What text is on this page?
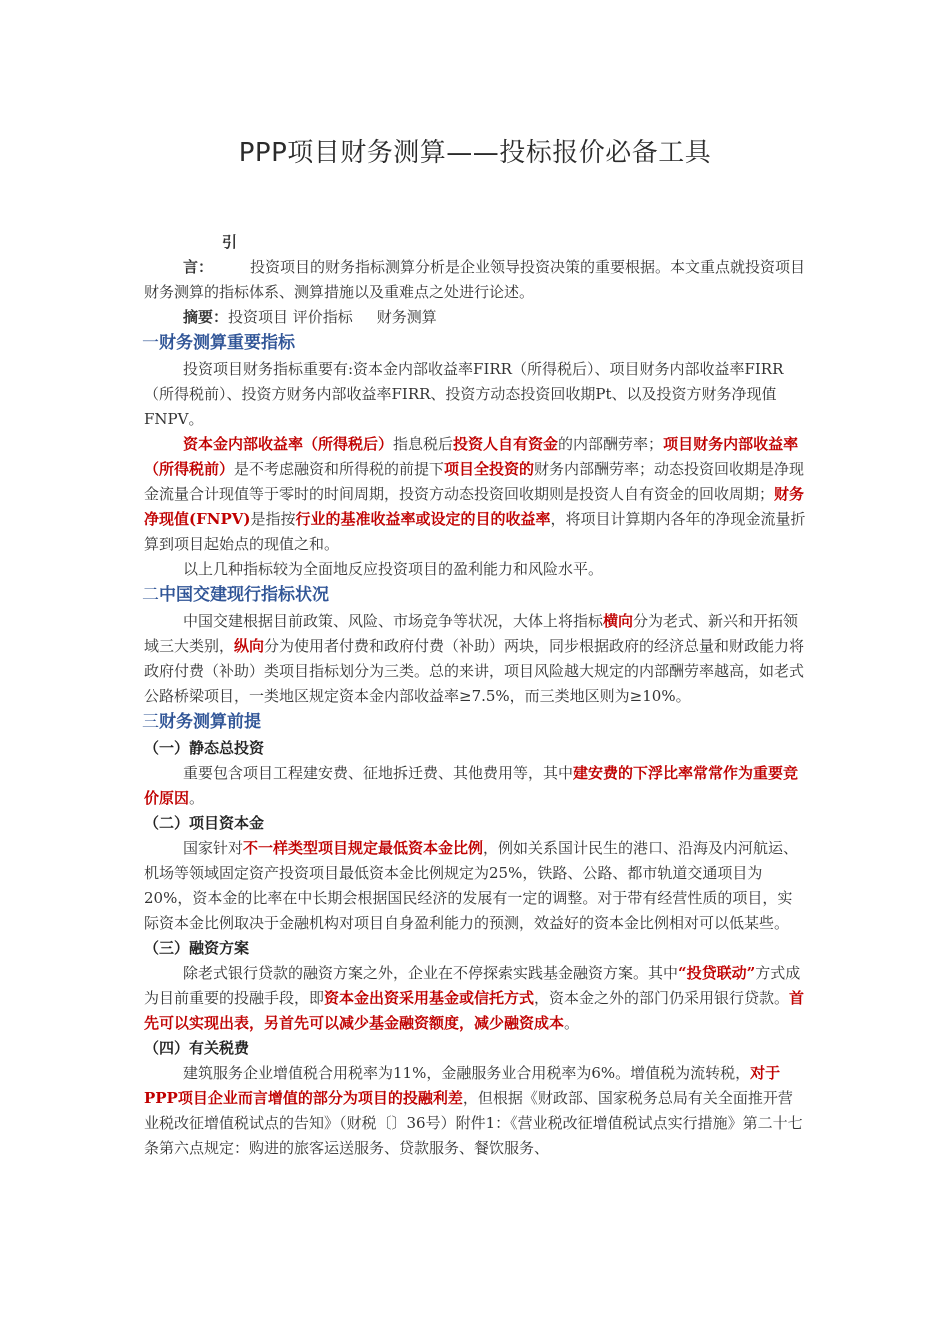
PPP项目财务测算——投标报价必备工具

引言： 投资项目的财务指标测算分析是企业领导投资决策的重要根据。本文重点就投资项目财务测算的指标体系、测算措施以及重难点之处进行论述。

摘要：投资项目 评价指标 财务测算

一财务测算重要指标

投资项目财务指标重要有:资本金内部收益率FIRR（所得税后）、项目财务内部收益率FIRR（所得税前）、投资方财务内部收益率FIRR、投资方动态投资回收期Pt、以及投资方财务净现值FNPV。

资本金内部收益率（所得税后）指息税后投资人自有资金的内部酬劳率；项目财务内部收益率（所得税前）是不考虑融资和所得税的前提下项目全投资的财务内部酬劳率；动态投资回收期是净现金流量合计现值等于零时的时间周期，投资方动态投资回收期则是投资人自有资金的回收周期；财务净现值(FNPV)是指按行业的基准收益率或设定的目的收益率，将项目计算期内各年的净现金流量折算到项目起始点的现值之和。

以上几种指标较为全面地反应投资项目的盈利能力和风险水平。

二中国交建现行指标状况

中国交建根据目前政策、风险、市场竞争等状况，大体上将指标横向分为老式、新兴和开拓领域三大类别，纵向分为使用者付费和政府付费（补助）两块，同步根据政府的经济总量和财政能力将政府付费（补助）类项目指标划分为三类。总的来讲，项目风险越大规定的内部酬劳率越高，如老式公路桥梁项目，一类地区规定资本金内部收益率≥7.5%，而三类地区则为≥10%。

三财务测算前提

（一）静态总投资

重要包含项目工程建安费、征地拆迁费、其他费用等，其中建安费的下浮比率常常作为重要竞价原因。

（二）项目资本金

国家针对不一样类型项目规定最低资本金比例，例如关系国计民生的港口、沿海及内河航运、机场等领域固定资产投资项目最低资本金比例规定为25%，铁路、公路、都市轨道交通项目为20%，资本金的比率在中长期会根据国民经济的发展有一定的调整。对于带有经营性质的项目，实际资本金比例取决于金融机构对项目自身盈利能力的预测，效益好的资本金比例相对可以低某些。

（三）融资方案

除老式银行贷款的融资方案之外，企业在不停探索实践基金融资方案。其中“投贷联动”方式成为目前重要的投融手段，即资本金出资采用基金或信托方式，资本金之外的部门仍采用银行贷款。首先可以实现出表，另首先可以减少基金融资额度，减少融资成本。

（四）有关税费

建筑服务企业增值税合用税率为11%，金融服务业合用税率为6%。增值税为流转税，对于PPP项目企业而言增值的部分为项目的投融利差，但根据《财政部、国家税务总局有关全面推开营业税改征增值税试点的告知》（财税〔〕36号）附件1：《营业税改征增值税试点实行措施》第二十七条第六点规定：购进的旅客运送服务、贷款服务、餐饮服务、
